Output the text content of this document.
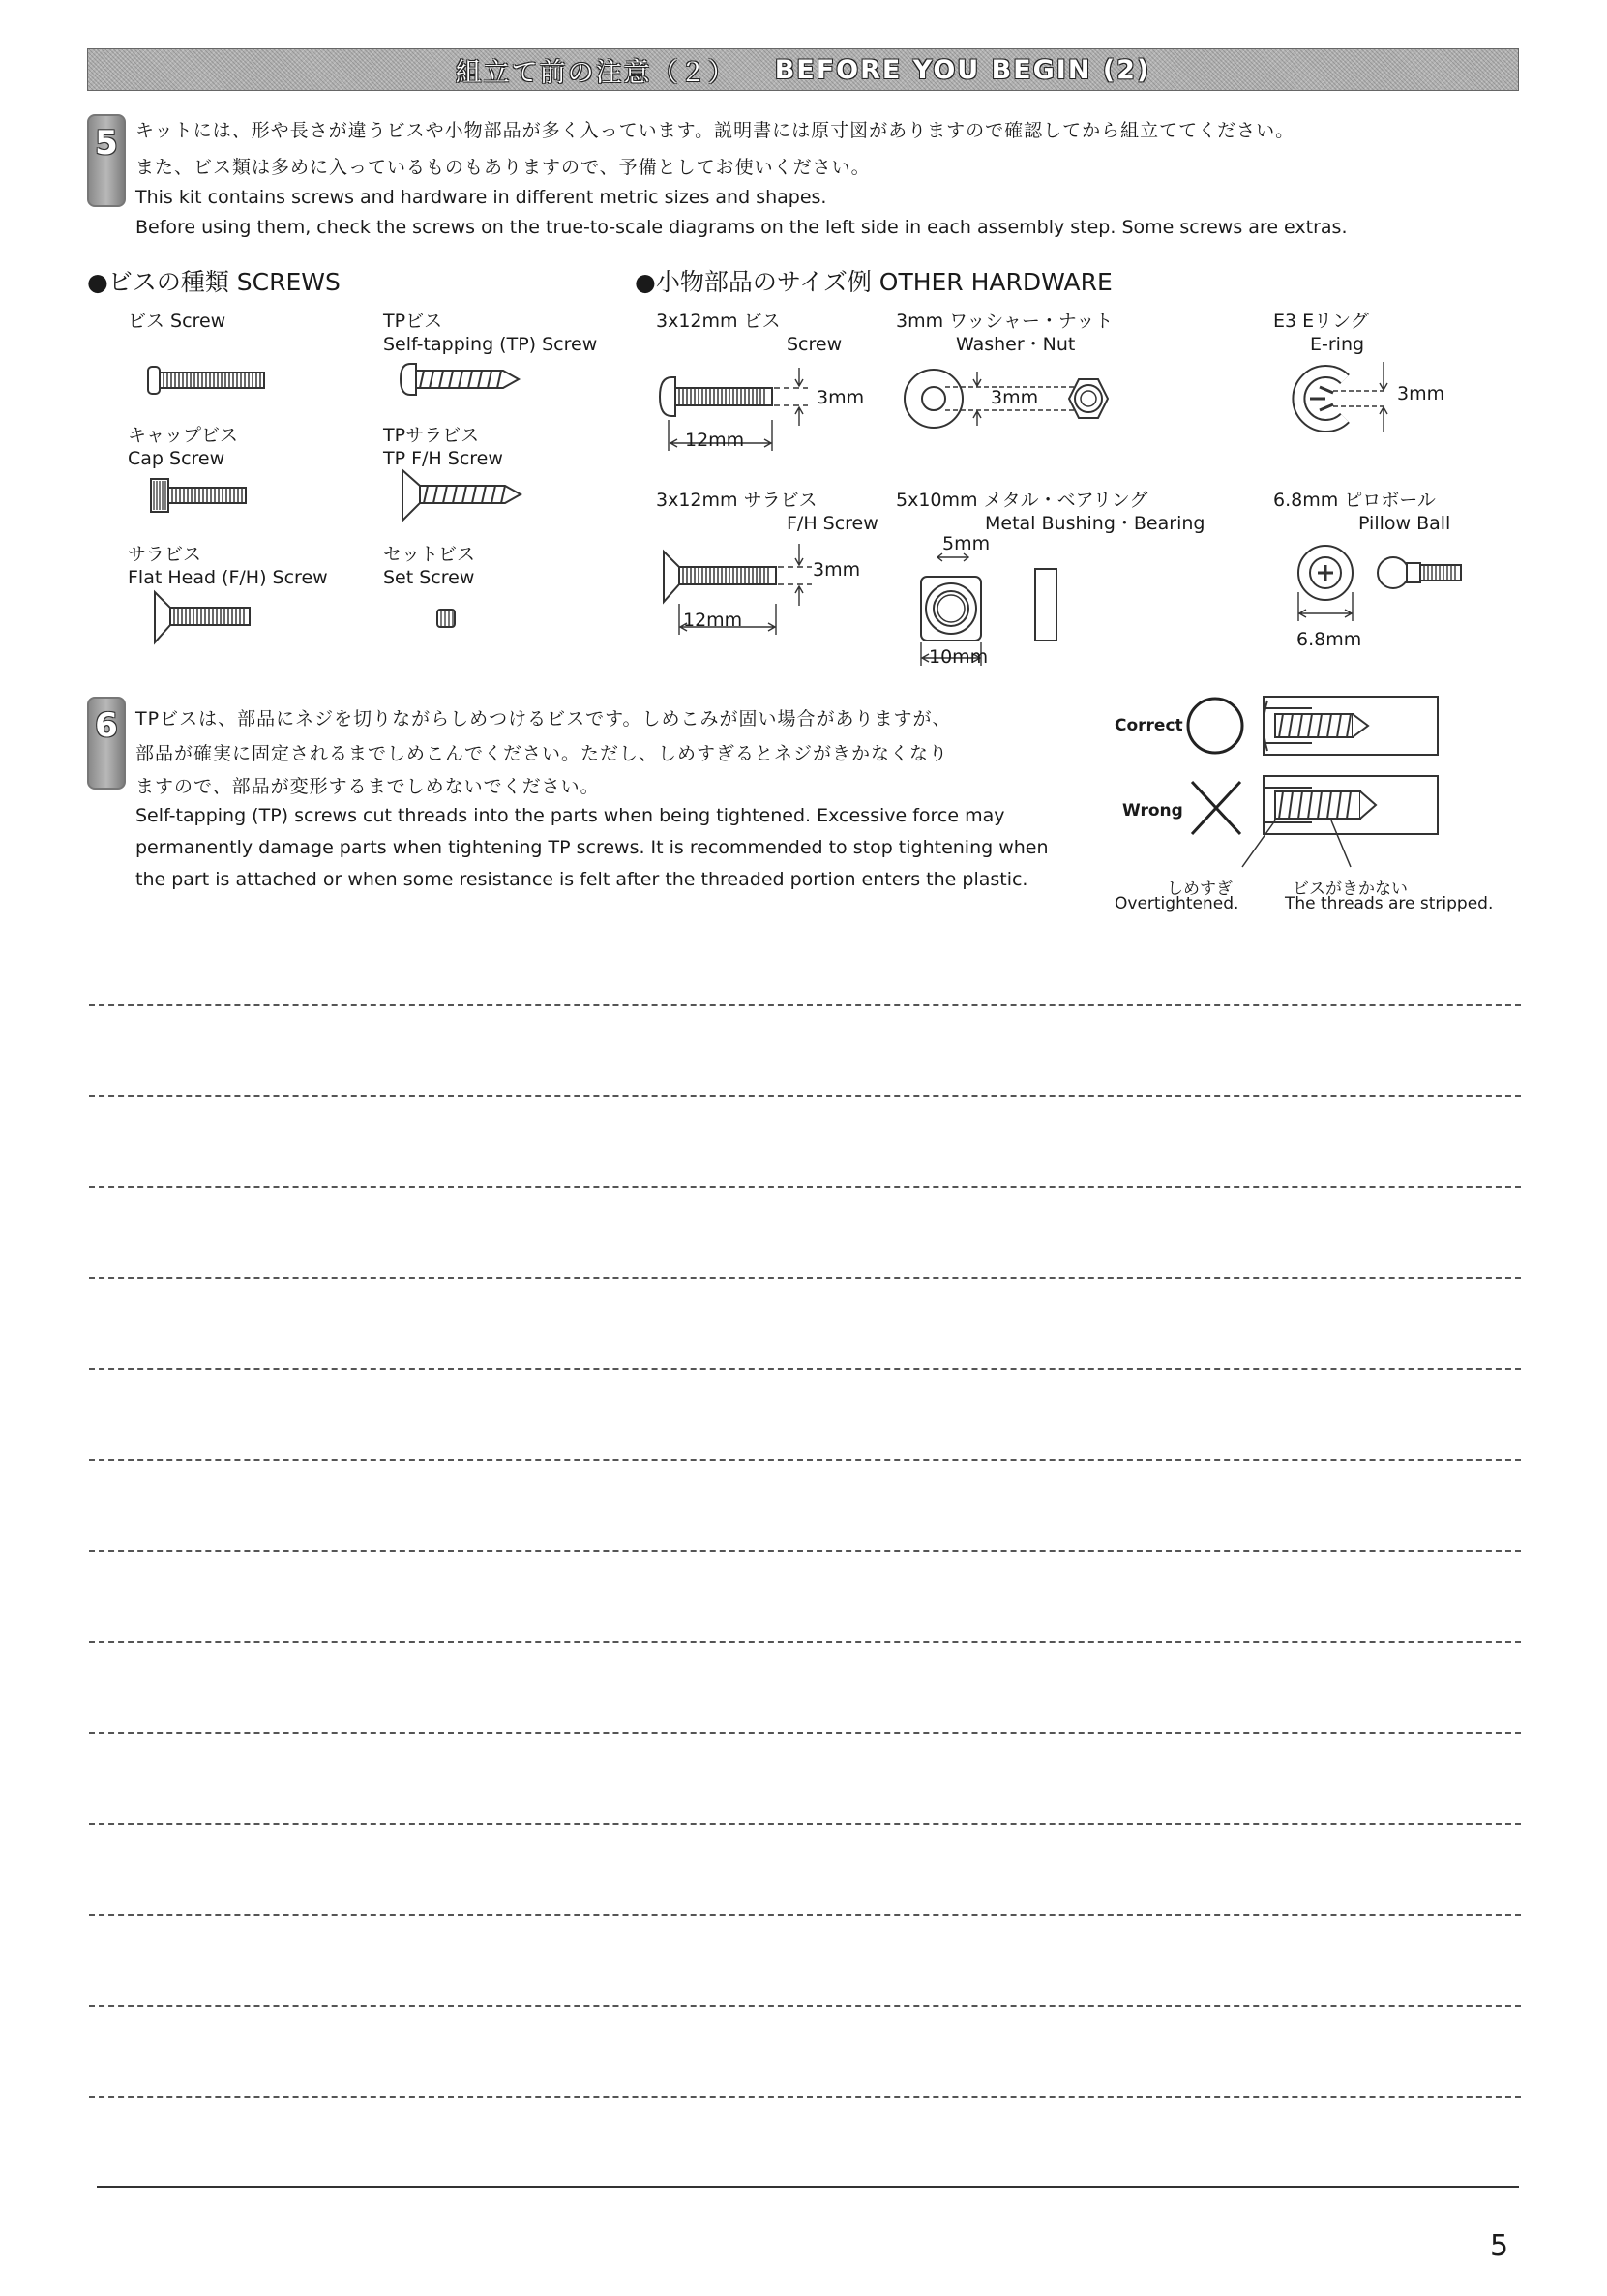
組立て前の注意（２） BEFORE YOU BEGIN (2)
5 キットには、形や長さが違うビスや小物部品が多く入っています。説明書には原寸図がありますので確認してから組立ててください。
また、ビス類は多めに入っているものもありますので、予備としてお使いください。
This kit contains screws and hardware in different metric sizes and shapes.
Before using them, check the screws on the true-to-scale diagrams on the left side in each assembly step. Some screws are extras.
●ビスの種類 SCREWS
ビス Screw	TPビス
Self-tapping (TP) Screw
キャップビス
Cap Screw
TPサラビス
TP F/H Screw
サラビス
Flat Head (F/H) Screw
セットビス
Set Screw
●小物部品のサイズ例 OTHER HARDWARE
3x12mm ビス
Screw
3mm
12mm
3mm ワッシャー・ナット
Washer・Nut
3mm
E3 Eリング
E-ring
3mm
3x12mm サラビス
F/H Screw
3mm
12mm
5x10mm メタル・ベアリング
Metal Bushing・Bearing
5mm
10mm
6.8mm ピロボール
Pillow Ball
6.8mm
6 TPビスは、部品にネジを切りながらしめつけるビスです。しめこみが固い場合がありますが、
部品が確実に固定されるまでしめこんでください。ただし、しめすぎるとネジがきかなくなり
ますので、部品が変形するまでしめないでください。
Self-tapping (TP) screws cut threads into the parts when being tightened. Excessive force may
permanently damage parts when tightening TP screws. It is recommended to stop tightening when
the part is attached or when some resistance is felt after the threaded portion enters the plastic.
Correct
Wrong
しめすぎ
Overtightened.
ビスがきかない
The threads are stripped.
5
